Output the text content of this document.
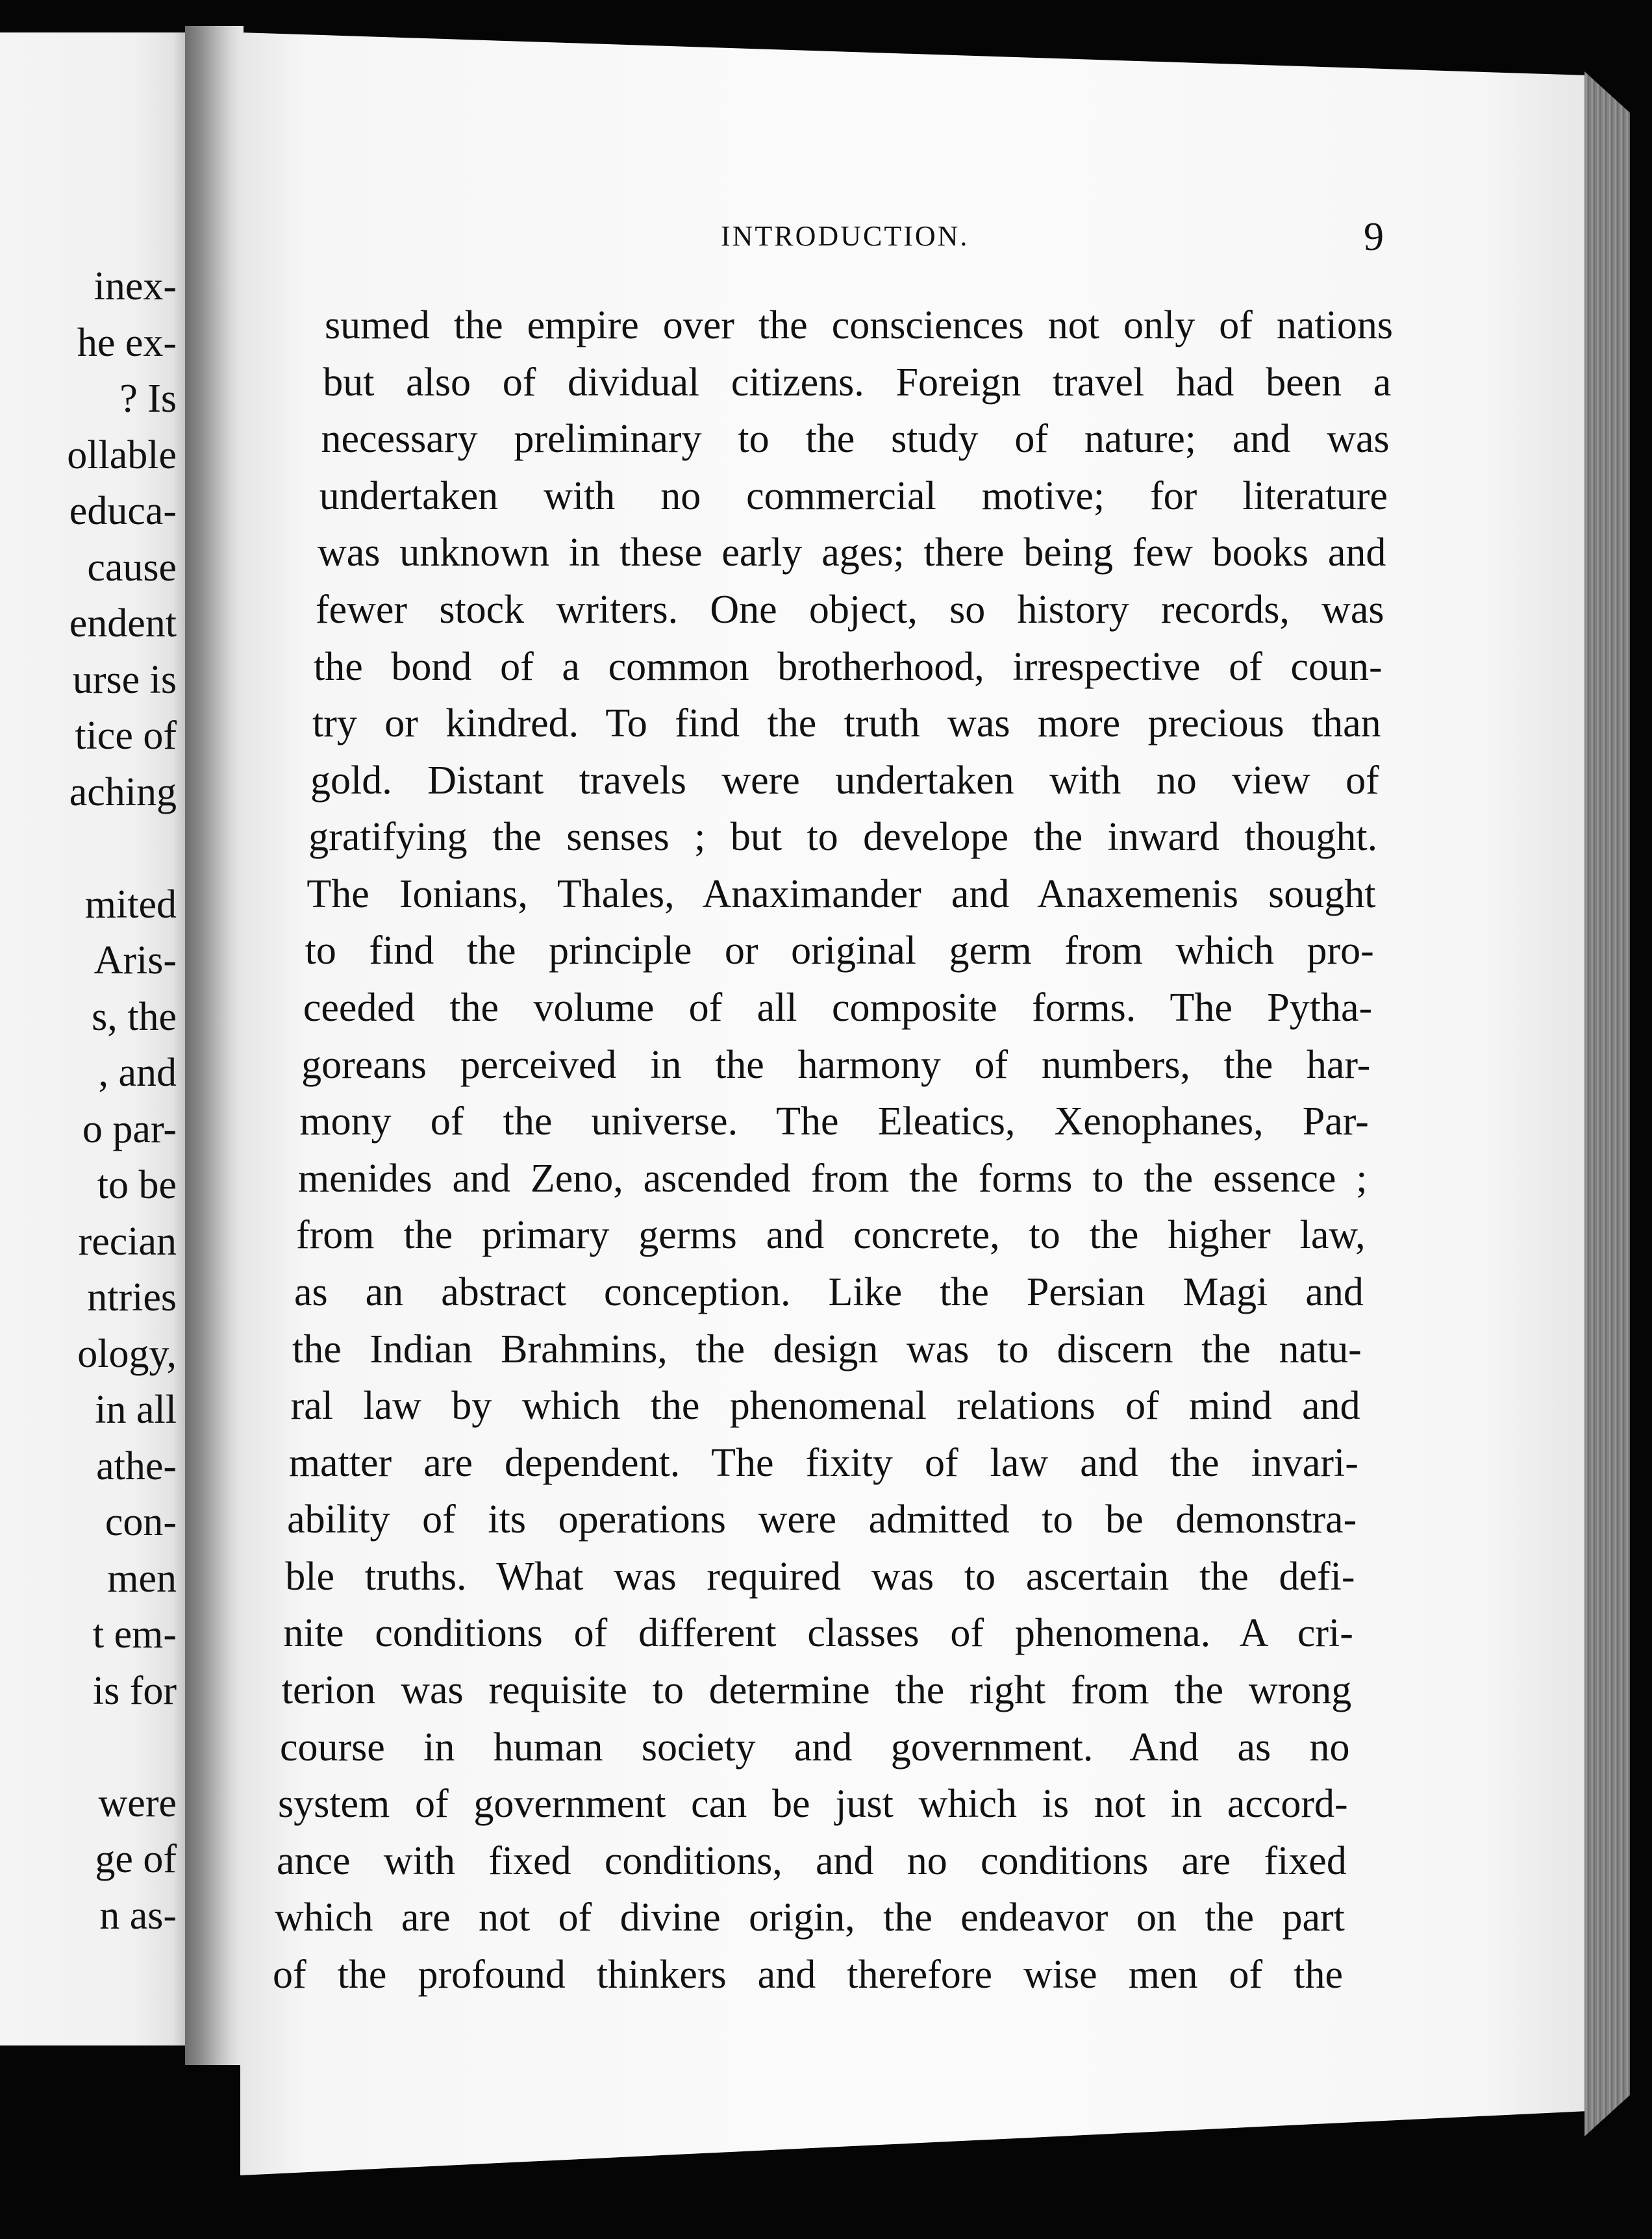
inex-
he ex-
? Is
ollable
educa-
cause
endent
urse is
tice of
aching
mited
Aris-
s, the
, and
o par-
to be
recian
ntries
ology,
in all
athe-
con-
men
t em-
is for
were
ge of
n as-
INTRODUCTION.	9
sumed the empire over the consciences not only of nations
but also of dividual citizens. Foreign travel had been a
necessary preliminary to the study of nature; and was
undertaken with no commercial motive; for literature
was unknown in these early ages; there being few books and
fewer stock writers. One object, so history records, was
the bond of a common brotherhood, irrespective of coun-
try or kindred. To find the truth was more precious than
gold. Distant travels were undertaken with no view of
gratifying the senses ; but to develope the inward thought.
The Ionians, Thales, Anaximander and Anaxemenis sought
to find the principle or original germ from which pro-
ceeded the volume of all composite forms. The Pytha-
goreans perceived in the harmony of numbers, the har-
mony of the universe. The Eleatics, Xenophanes, Par-
menides and Zeno, ascended from the forms to the essence ;
from the primary germs and concrete, to the higher law,
as an abstract conception. Like the Persian Magi and
the Indian Brahmins, the design was to discern the natu-
ral law by which the phenomenal relations of mind and
matter are dependent. The fixity of law and the invari-
ability of its operations were admitted to be demonstra-
ble truths. What was required was to ascertain the defi-
nite conditions of different classes of phenomena. A cri-
terion was requisite to determine the right from the wrong
course in human society and government. And as no
system of government can be just which is not in accord-
ance with fixed conditions, and no conditions are fixed
which are not of divine origin, the endeavor on the part
of the profound thinkers and therefore wise men of the
